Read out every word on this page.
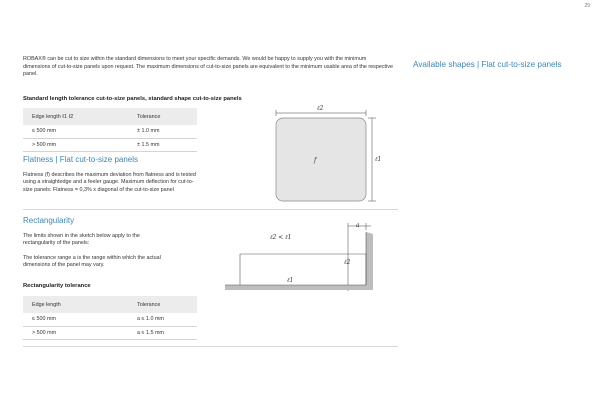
29
ROBAX® can be cut to size within the standard dimensions to meet your specific demands. We would be happy to supply you with the minimum dimensions of cut-to-size panels upon request. The maximum dimensions of cut-to-size panels are equivalent to the minimum usable area of the respective panel.
Available shapes | Flat cut-to-size panels
Standard length tolerance cut-to-size panels, standard shape cut-to-size panels
Edge length ℓ1 ℓ2	Tolerance
≤ 500 mm	± 1.0 mm
> 500 mm	± 1.5 mm
ℓ2
f	ℓ1
Flatness | Flat cut-to-size panels
Flatness (f) describes the maximum deviation from flatness and is tested using a straightedge and a feeler gauge. Maximum deflection for cut-to-size panels: Flatness = 0,3% x diagonal of the cut-to-size panel
Rectangularity
The limits shown in the sketch below apply to the rectangularity of the panels:
The tolerance range a is the range within which the actual dimensions of the panel may vary.
Rectangularity tolerance
Edge length	Tolerance
≤ 500 mm	a ≤ 1.0 mm
> 500 mm	a ≤ 1.5 mm
ℓ2 < ℓ1
a
ℓ2
ℓ1
